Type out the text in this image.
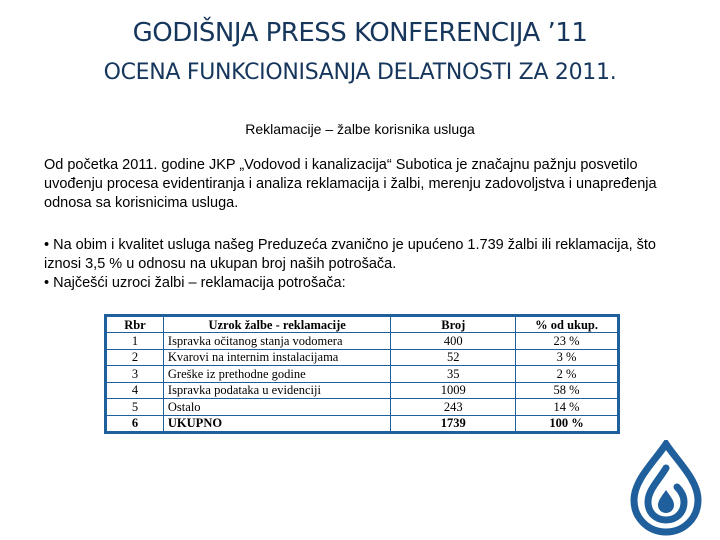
GODIŠNJA PRESS KONFERENCIJA ’11
OCENA FUNKCIONISANJA DELATNOSTI ZA 2011.
Reklamacije – žalbe korisnika usluga
Od početka 2011. godine JKP „Vodovod i kanalizacija“ Subotica je značajnu pažnju posvetilo uvođenju procesa evidentiranja i analiza reklamacija i žalbi, merenju zadovoljstva i unapređenja odnosa sa korisnicima usluga.
• Na obim i kvalitet usluga našeg Preduzeća zvanično je upućeno 1.739 žalbi ili reklamacija, što iznosi 3,5 % u odnosu na ukupan broj naših potrošača.
• Najčešći uzroci žalbi – reklamacija potrošača:
Rbr	Uzrok žalbe - reklamacije	Broj	% od ukup.
1	Ispravka očitanog stanja vodomera	400	23 %
2	Kvarovi na internim instalacijama	52	3 %
3	Greške iz prethodne godine	35	2 %
4	Ispravka podataka u evidenciji	1009	58 %
5	Ostalo	243	14 %
6	UKUPNO	1739	100 %
